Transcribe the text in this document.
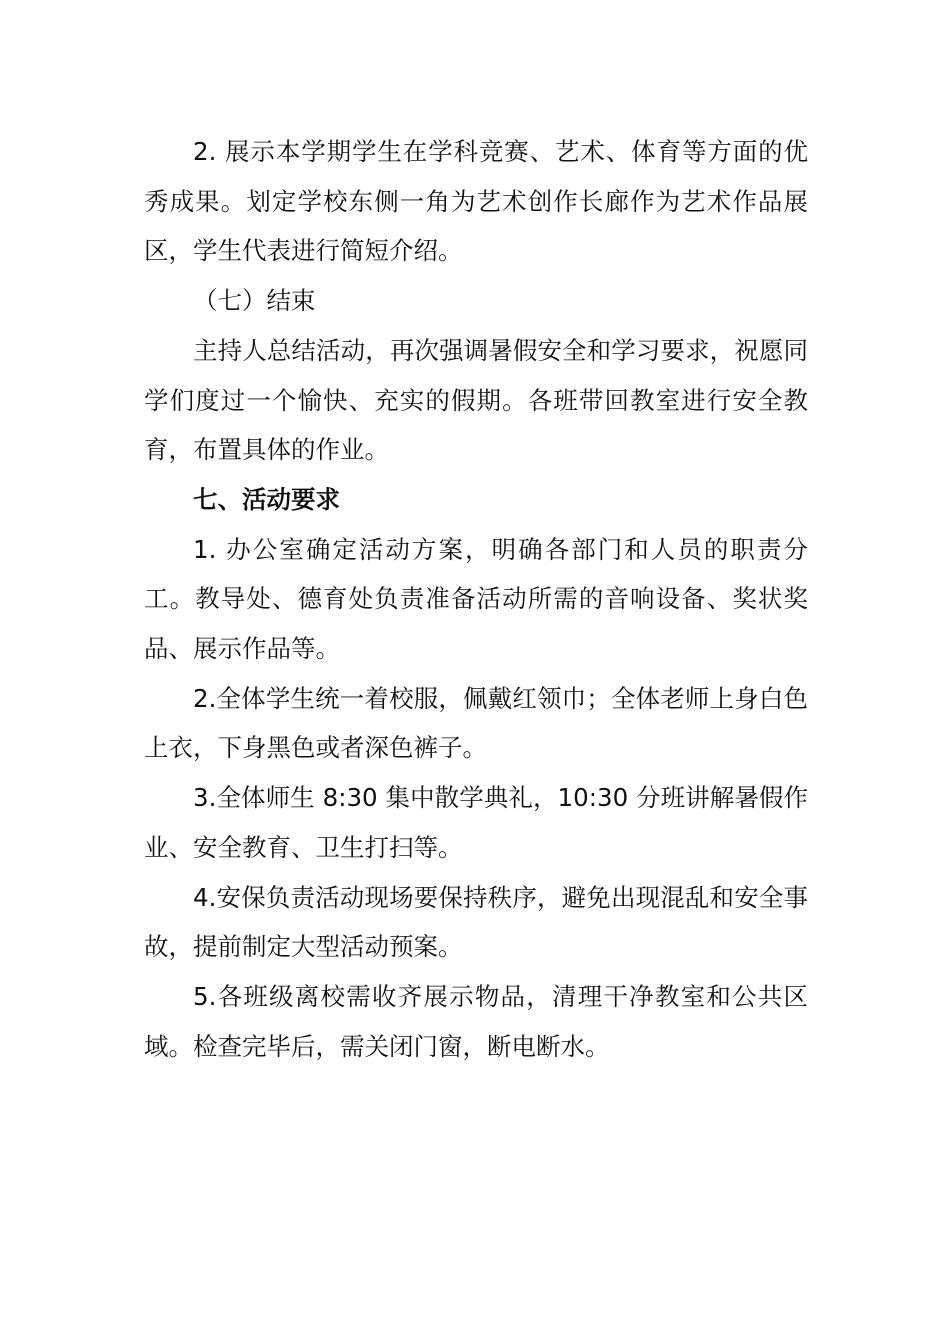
2. 展示本学期学生在学科竞赛、艺术、体育等方面的优秀成果。划定学校东侧一角为艺术创作长廊作为艺术作品展区，学生代表进行简短介绍。

（七）结束

主持人总结活动，再次强调暑假安全和学习要求，祝愿同学们度过一个愉快、充实的假期。各班带回教室进行安全教育，布置具体的作业。

七、活动要求

1. 办公室确定活动方案，明确各部门和人员的职责分工。教导处、德育处负责准备活动所需的音响设备、奖状奖品、展示作品等。

2.全体学生统一着校服，佩戴红领巾；全体老师上身白色上衣，下身黑色或者深色裤子。

3.全体师生 8:30 集中散学典礼，10:30 分班讲解暑假作业、安全教育、卫生打扫等。

4.安保负责活动现场要保持秩序，避免出现混乱和安全事故，提前制定大型活动预案。

5.各班级离校需收齐展示物品，清理干净教室和公共区域。检查完毕后，需关闭门窗，断电断水。
